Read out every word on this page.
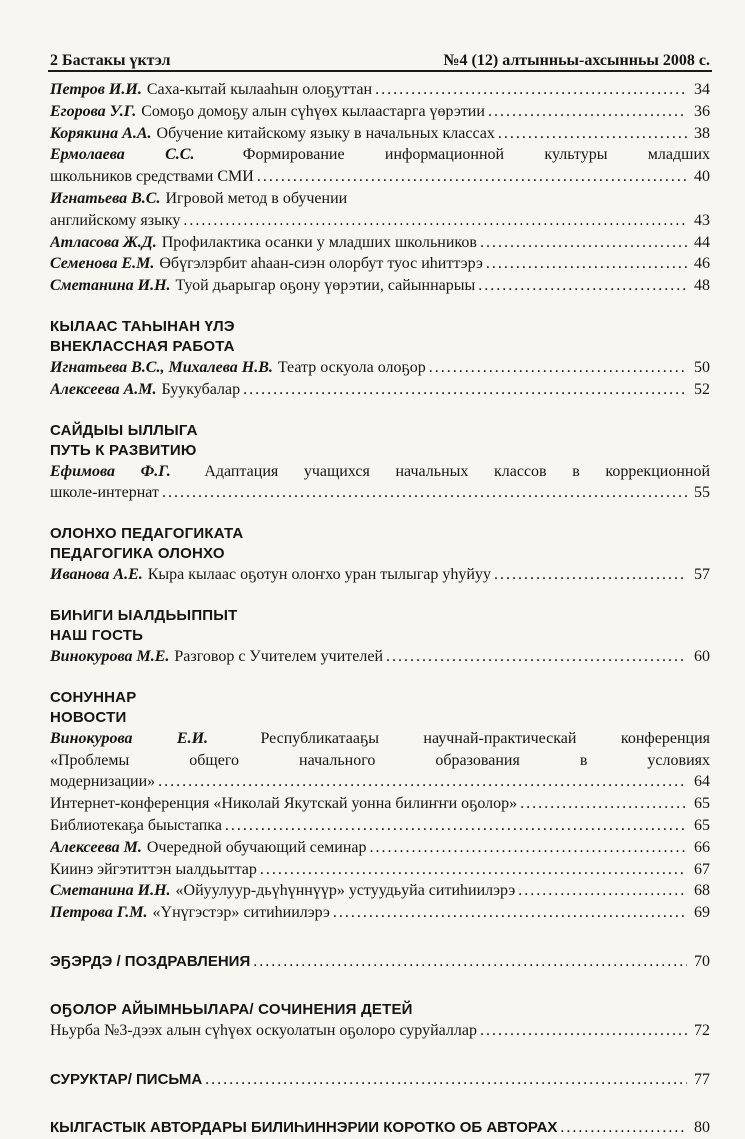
2 Бастакы үктэл	№4 (12) алтынньы-ахсынньы 2008 с.
Петров И.И. Саха-кытай кылааһын олоҕуттан . . .	34
Егорова У.Г. Сомоҕо домоҕу алын сүһүөх кылаастарга үөрэтии . . .	36
Корякина А.А. Обучение китайскому языку в начальных классах . . .	38
Ермолаева С.С.	Формирование информационной культуры младших
школьников средствами СМИ . . .	40
Игнатьева В.С. Игровой метод в обучении
английскому языку . . .	43
Атласова Ж.Д. Профилактика осанки у младших школьников . . .	44
Семенова Е.М. Өбүгэлэрбит аһаан-сиэн олорбут туос иһиттэрэ . . .	46
Сметанина И.Н. Туой дьарыгар оҕону үөрэтии, сайыннарыы . . .	48
КЫЛААС ТАҺЫНАН ҮЛЭ
ВНЕКЛАССНАЯ РАБОТА
Игнатьева В.С., Михалева Н.В. Театр оскуола олоҕор . . .	50
Алексеева А.М. Буукубалар . . .	52
САЙДЫЫ ЫЛЛЫГА
ПУТЬ К РАЗВИТИЮ
Ефимова Ф.Г. Адаптация учащихся начальных классов в коррекционной
школе-интернат . . .	55
ОЛОНХО ПЕДАГОГИКАТА
ПЕДАГОГИКА ОЛОНХО
Иванова А.Е. Кыра кылаас оҕотун олоҥхо уран тылыгар уһуйуу . . .	57
БИҺИГИ ЫАЛДЬЫППЫТ
НАШ ГОСТЬ
Винокурова М.Е. Разговор с Учителем учителей . . .	60
СОНУННАР
НОВОСТИ
Винокурова Е.И.	Республикатааҕы научнай-практическай конференция
«Проблемы общего начального образования в условиях
модернизации» . . .	64
Интернет-конференция «Николай Якутскай уонна билиҥҥи оҕолор» . . .	65
Библиотекаҕа быыстапка . . .	65
Алексеева М. Очередной обучающий семинар . . .	66
Киинэ эйгэтиттэн ыалдьыттар . . .	67
Сметанина И.Н. «Ойуулуур-дьүһүннүүр» устуудьуйа ситиһиилэрэ . . .	68
Петрова Г.М. «Үнүгэстэр» ситиһиилэрэ . . .	69
ЭҔЭРДЭ / ПОЗДРАВЛЕНИЯ . . .	70
ОҔОЛОР АЙЫМНЬЫЛАРА/ СОЧИНЕНИЯ ДЕТЕЙ
Ньурба №3-дээх алын сүһүөх оскуолатын оҕолоро суруйаллар . . .	72
СУРУКТАР/ ПИСЬМА . . .	77
КЫЛГАСТЫК АВТОРДАРЫ БИЛИҺИННЭРИИ КОРОТКО ОБ АВТОРАХ . . .	80
